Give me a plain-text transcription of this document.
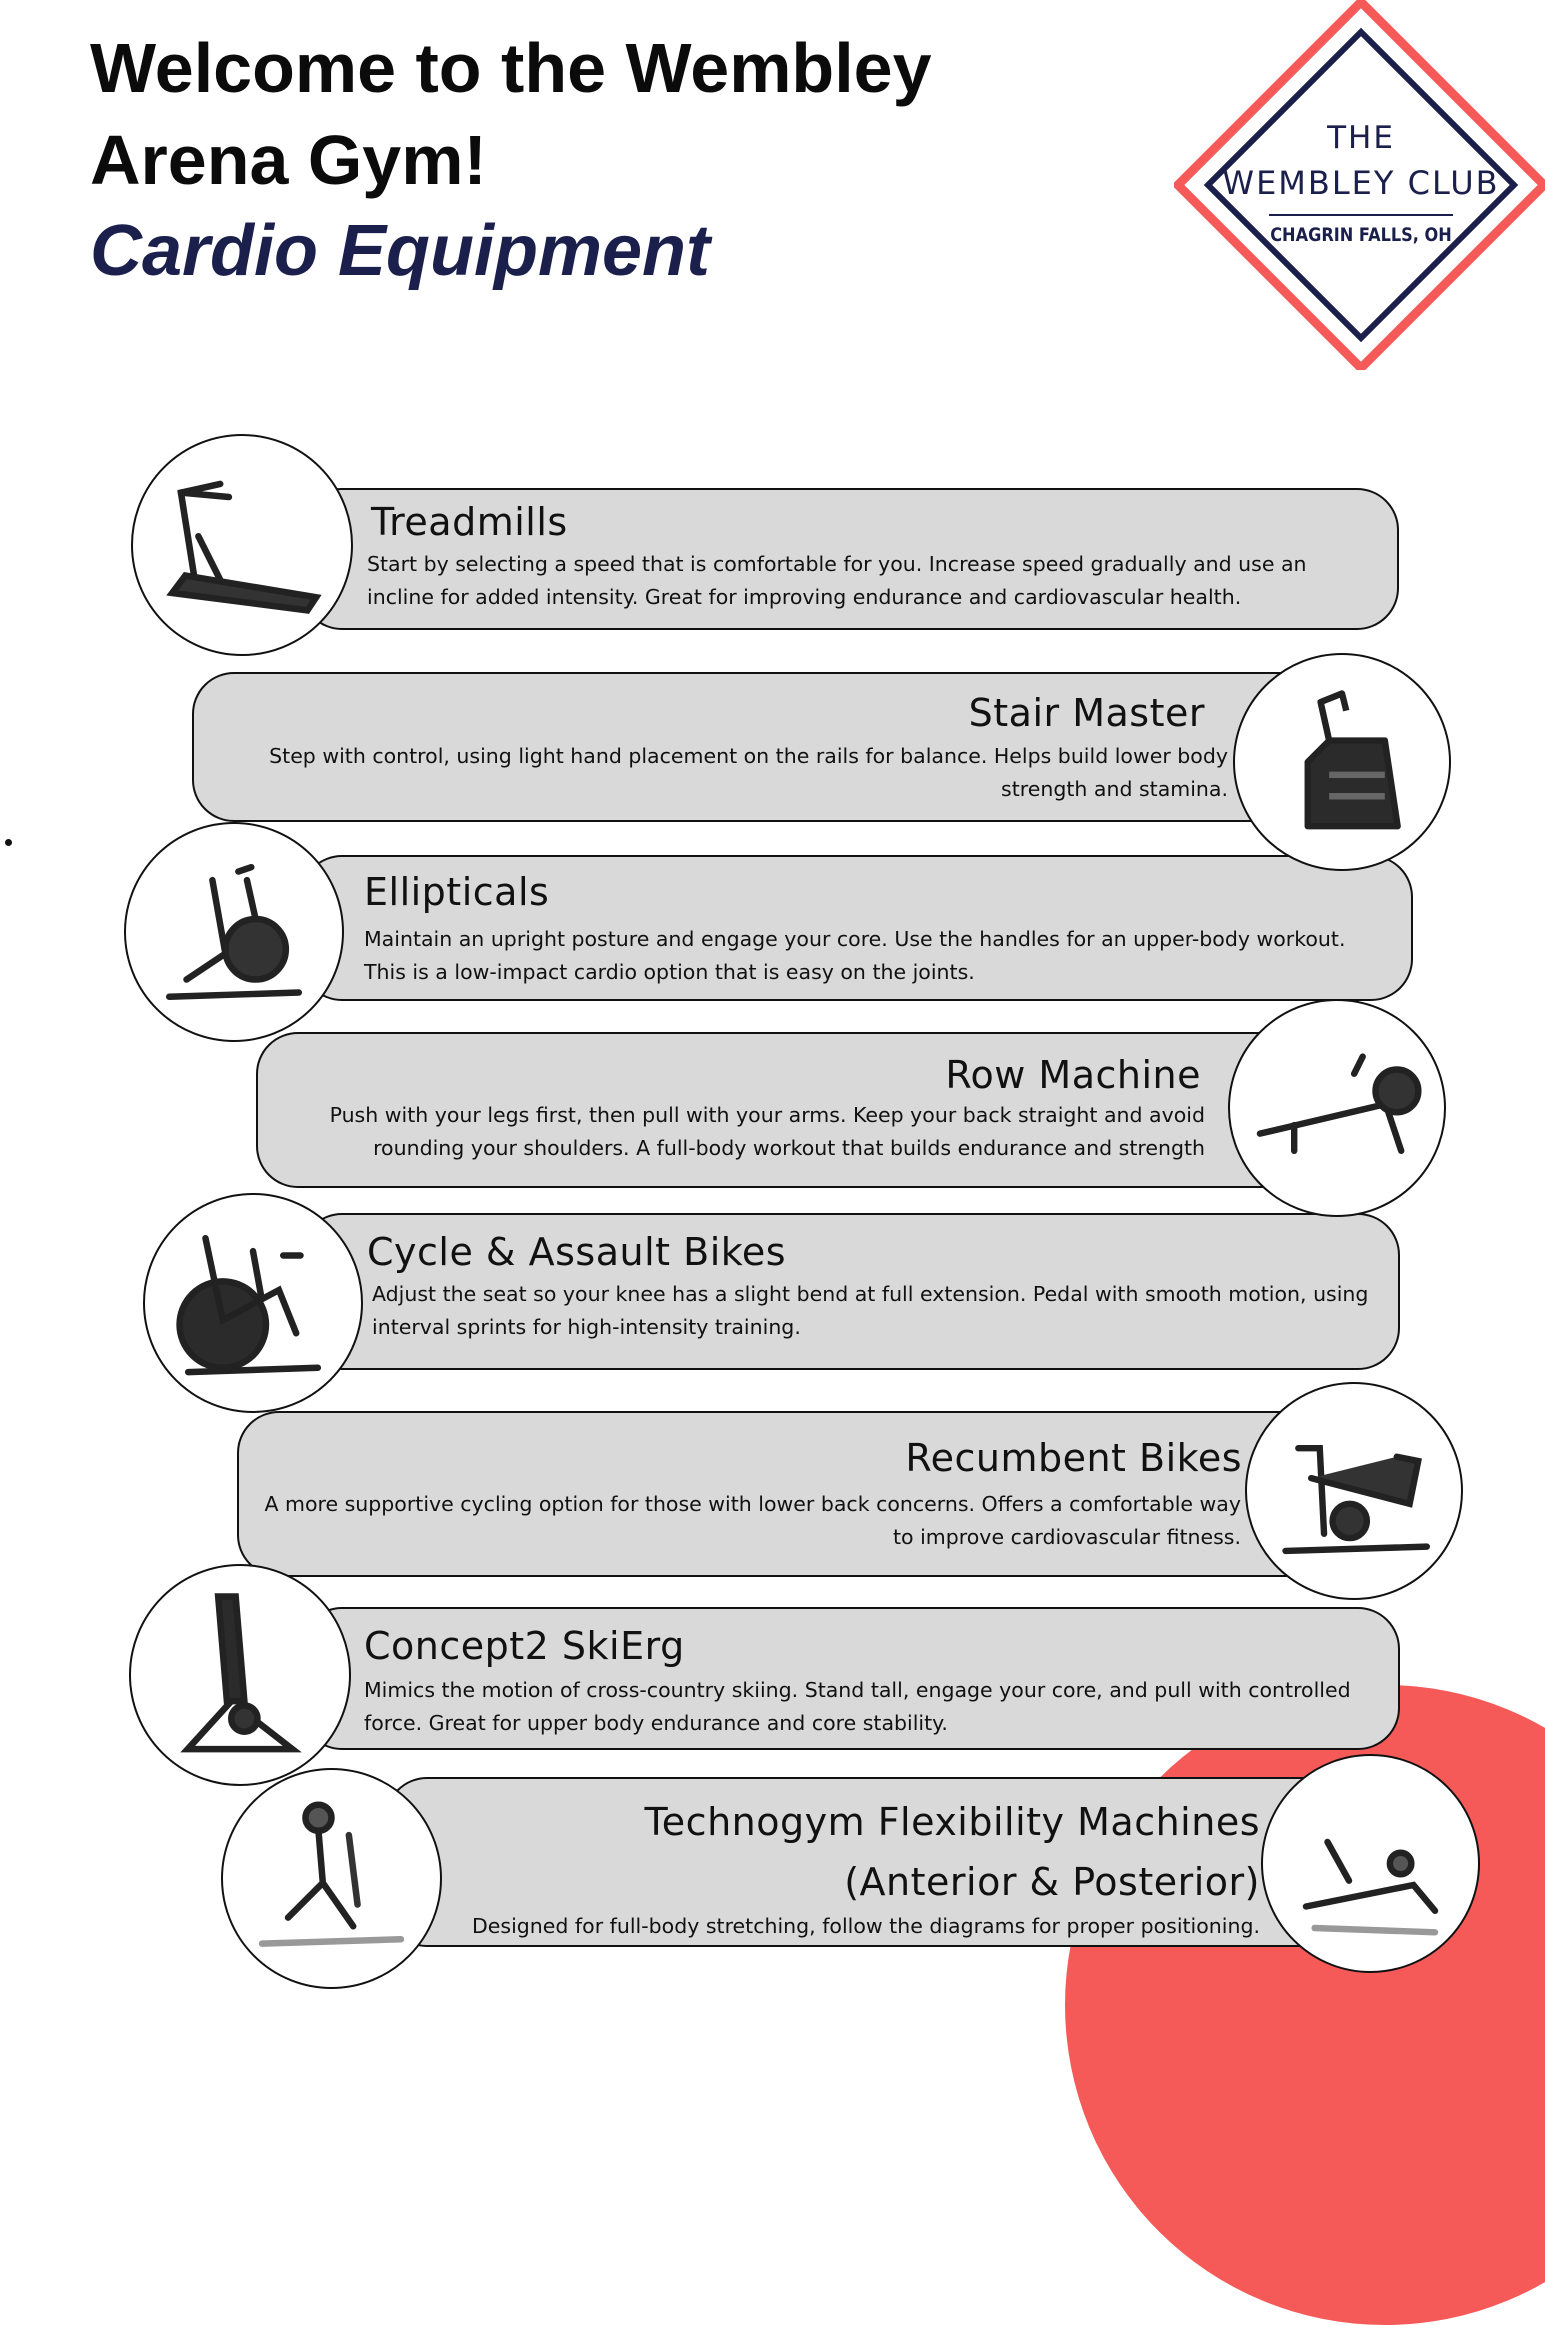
Welcome to the Wembley
Arena Gym!
Cardio Equipment
THE
WEMBLEY CLUB
CHAGRIN FALLS, OH
Treadmills

Start by selecting a speed that is comfortable for you. Increase speed gradually and use an incline for added intensity. Great for improving endurance and cardiovascular health.

Stair Master

Step with control, using light hand placement on the rails for balance. Helps build lower body strength and stamina.

Ellipticals

Maintain an upright posture and engage your core. Use the handles for an upper-body workout. This is a low-impact cardio option that is easy on the joints.

Row Machine

Push with your legs first, then pull with your arms. Keep your back straight and avoid rounding your shoulders. A full-body workout that builds endurance and strength

Cycle & Assault Bikes

Adjust the seat so your knee has a slight bend at full extension. Pedal with smooth motion, using interval sprints for high-intensity training.

Recumbent Bikes

A more supportive cycling option for those with lower back concerns. Offers a comfortable way to improve cardiovascular fitness.

Concept2 SkiErg

Mimics the motion of cross-country skiing. Stand tall, engage your core, and pull with controlled force. Great for upper body endurance and core stability.

Technogym Flexibility Machines (Anterior & Posterior)

Designed for full-body stretching, follow the diagrams for proper positioning.
